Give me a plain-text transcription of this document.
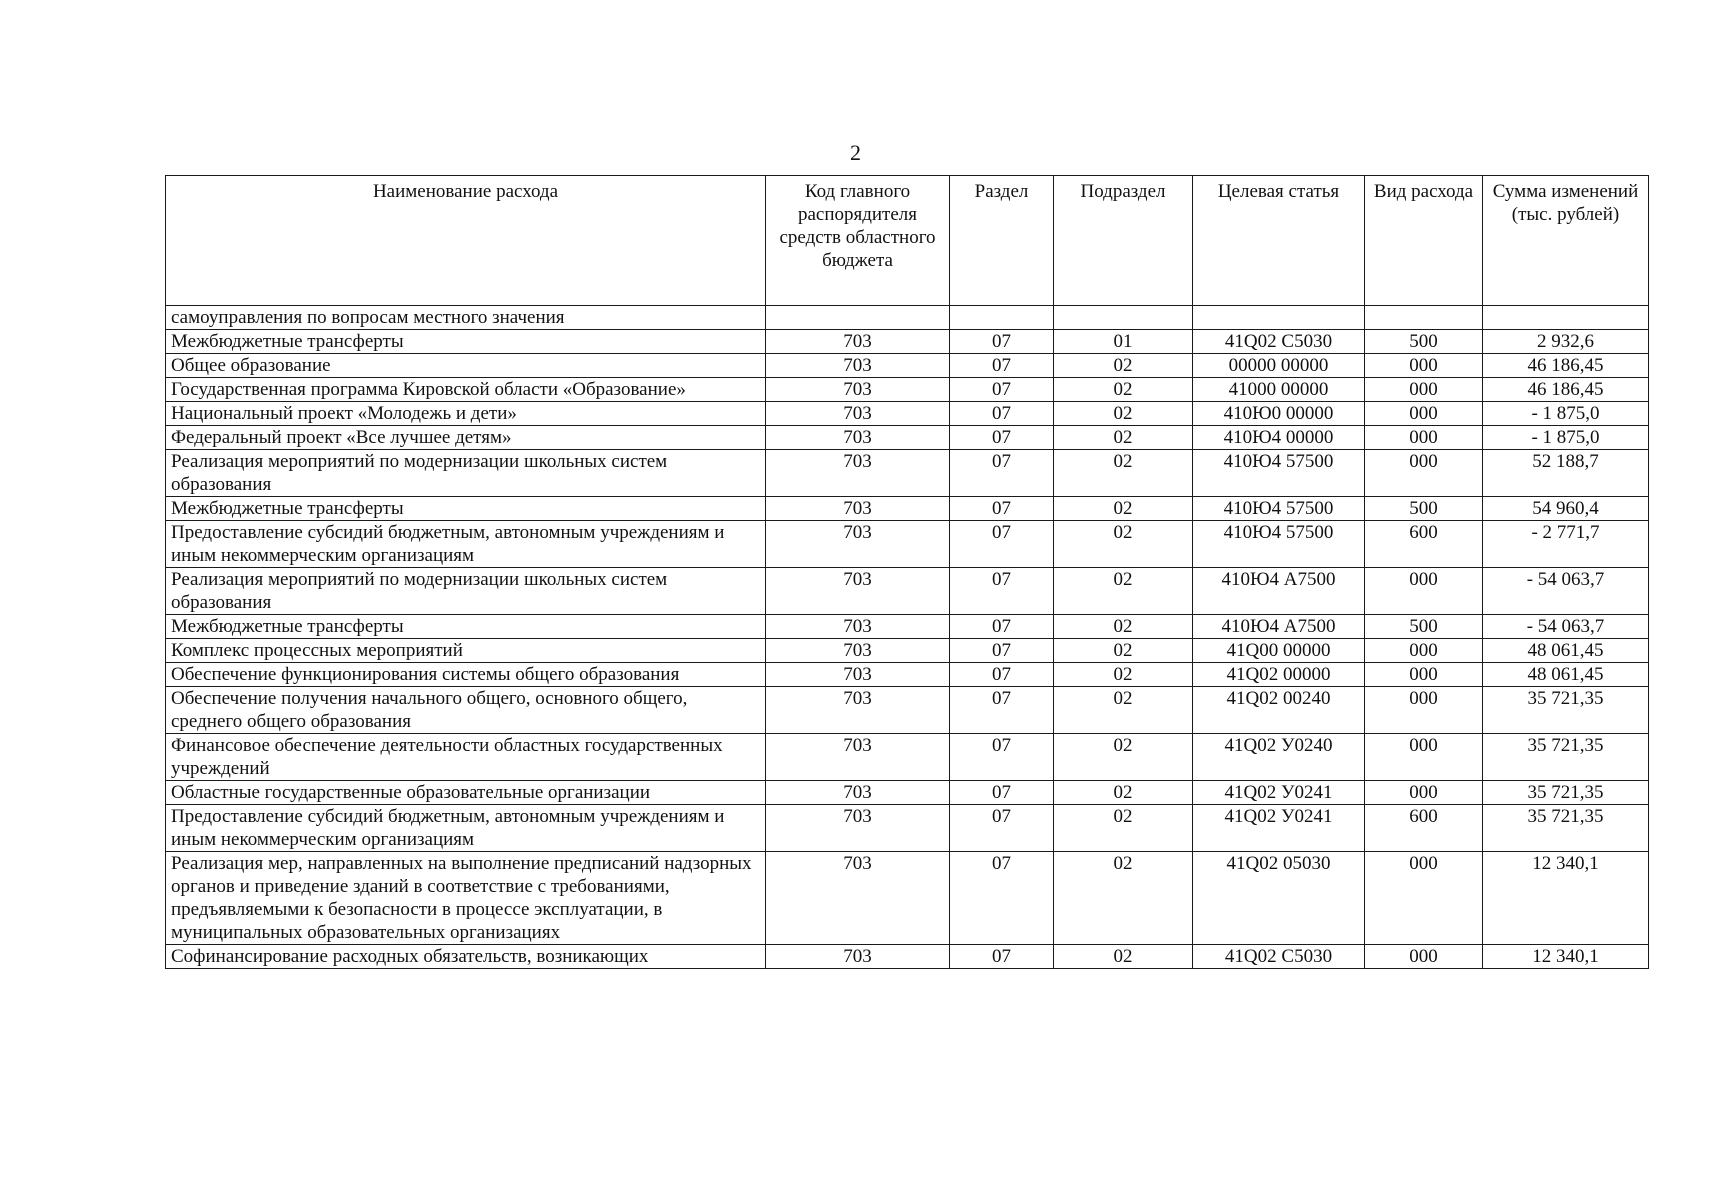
2
Наименование расхода	Код главного распорядителя средств областного бюджета	Раздел	Подраздел	Целевая статья	Вид расхода	Сумма изменений (тыс. рублей)
самоуправления по вопросам местного значения						
Межбюджетные трансферты	703	07	01	41Q02 C5030	500	2 932,6
Общее образование	703	07	02	00000 00000	000	46 186,45
Государственная программа Кировской области «Образование»	703	07	02	41000 00000	000	46 186,45
Национальный проект «Молодежь и дети»	703	07	02	410Ю0 00000	000	- 1 875,0
Федеральный проект «Все лучшее детям»	703	07	02	410Ю4 00000	000	- 1 875,0
Реализация мероприятий по модернизации школьных систем образования	703	07	02	410Ю4 57500	000	52 188,7
Межбюджетные трансферты	703	07	02	410Ю4 57500	500	54 960,4
Предоставление субсидий бюджетным, автономным учреждениям и иным некоммерческим организациям	703	07	02	410Ю4 57500	600	- 2 771,7
Реализация мероприятий по модернизации школьных систем образования	703	07	02	410Ю4 A7500	000	- 54 063,7
Межбюджетные трансферты	703	07	02	410Ю4 A7500	500	- 54 063,7
Комплекс процессных мероприятий	703	07	02	41Q00 00000	000	48 061,45
Обеспечение функционирования системы общего образования	703	07	02	41Q02 00000	000	48 061,45
Обеспечение получения начального общего, основного общего, среднего общего образования	703	07	02	41Q02 00240	000	35 721,35
Финансовое обеспечение деятельности областных государственных учреждений	703	07	02	41Q02 У0240	000	35 721,35
Областные государственные образовательные организации	703	07	02	41Q02 У0241	000	35 721,35
Предоставление субсидий бюджетным, автономным учреждениям и иным некоммерческим организациям	703	07	02	41Q02 У0241	600	35 721,35
Реализация мер, направленных на выполнение предписаний надзорных органов и приведение зданий в соответствие с требованиями, предъявляемыми к безопасности в процессе эксплуатации, в муниципальных образовательных организациях	703	07	02	41Q02 05030	000	12 340,1
Софинансирование расходных обязательств, возникающих	703	07	02	41Q02 C5030	000	12 340,1
